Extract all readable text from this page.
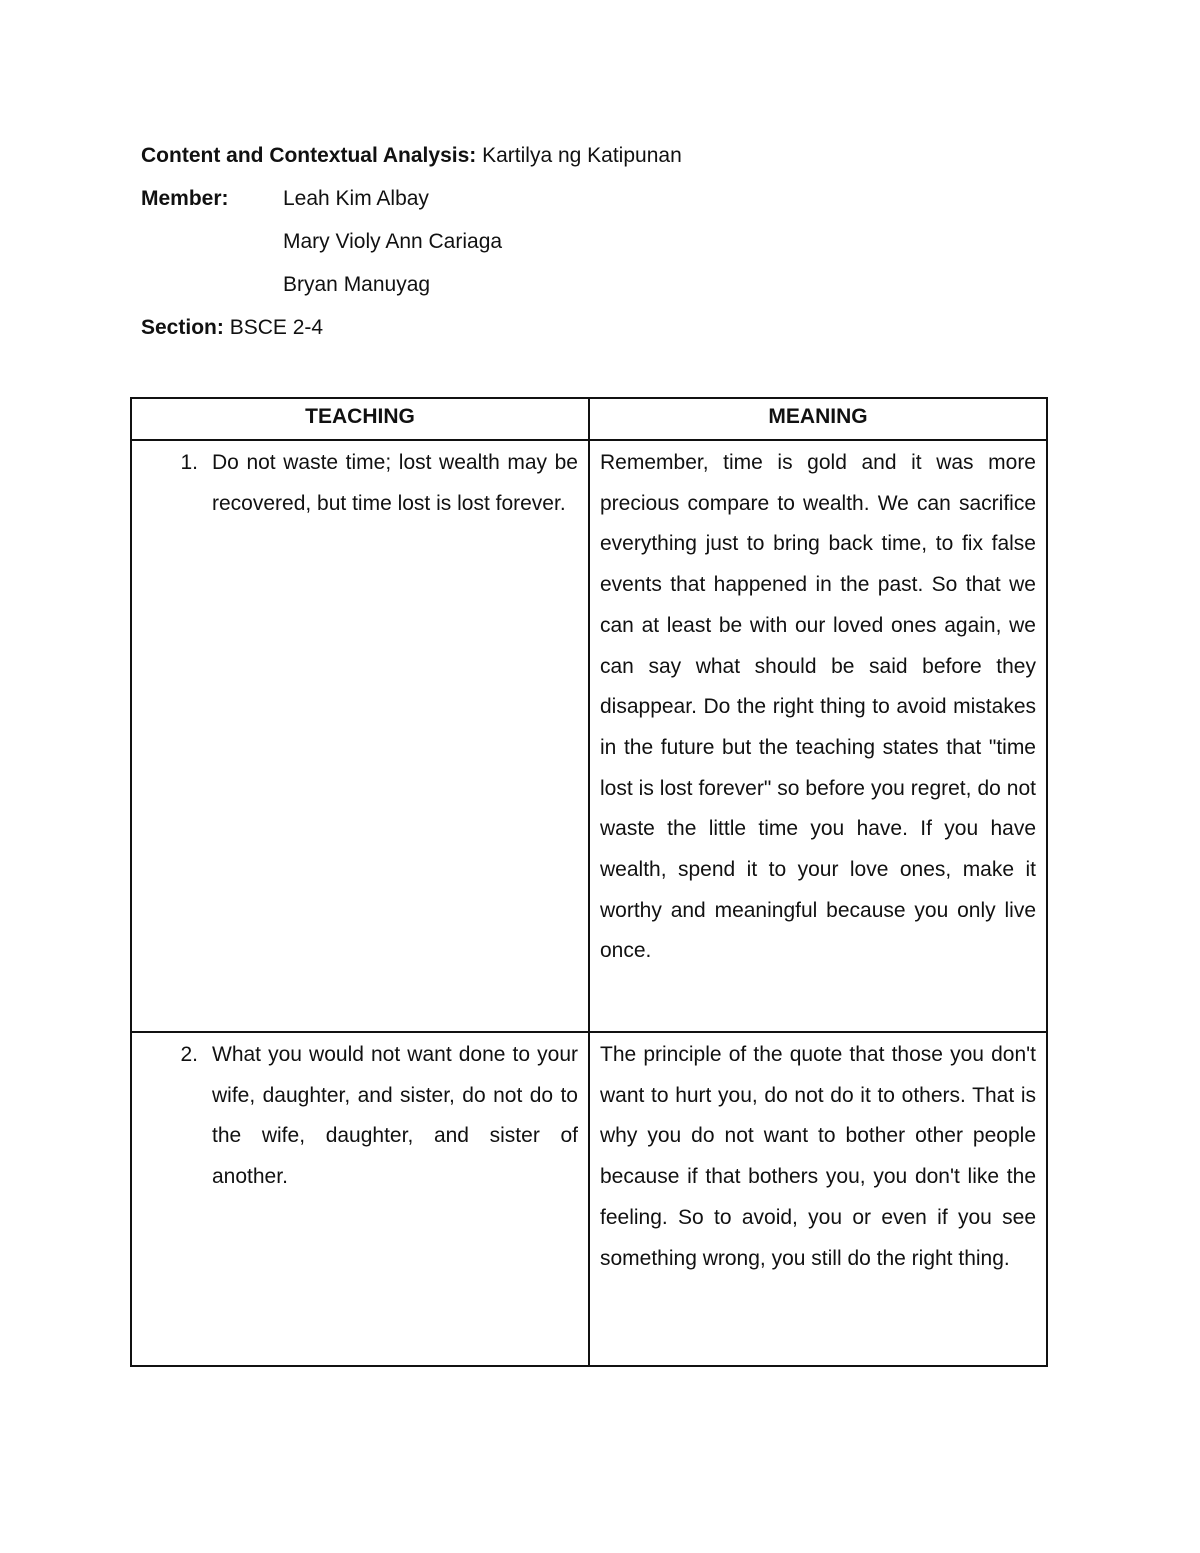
Content and Contextual Analysis: Kartilya ng Katipunan
Member:	Leah Kim Albay
Mary Violy Ann Cariaga
Bryan Manuyag
Section: BSCE 2-4
TEACHING	MEANING

1. Do not waste time; lost wealth may be recovered, but time lost is lost forever.	Remember, time is gold and it was more precious compare to wealth. We can sacrifice everything just to bring back time, to fix false events that happened in the past. So that we can at least be with our loved ones again, we can say what should be said before they disappear. Do the right thing to avoid mistakes in the future but the teaching states that "time lost is lost forever" so before you regret, do not waste the little time you have. If you have wealth, spend it to your love ones, make it worthy and meaningful because you only live once.

2. What you would not want done to your wife, daughter, and sister, do not do to the wife, daughter, and sister of another.	The principle of the quote that those you don't want to hurt you, do not do it to others. That is why you do not want to bother other people because if that bothers you, you don't like the feeling. So to avoid, you or even if you see something wrong, you still do the right thing.
